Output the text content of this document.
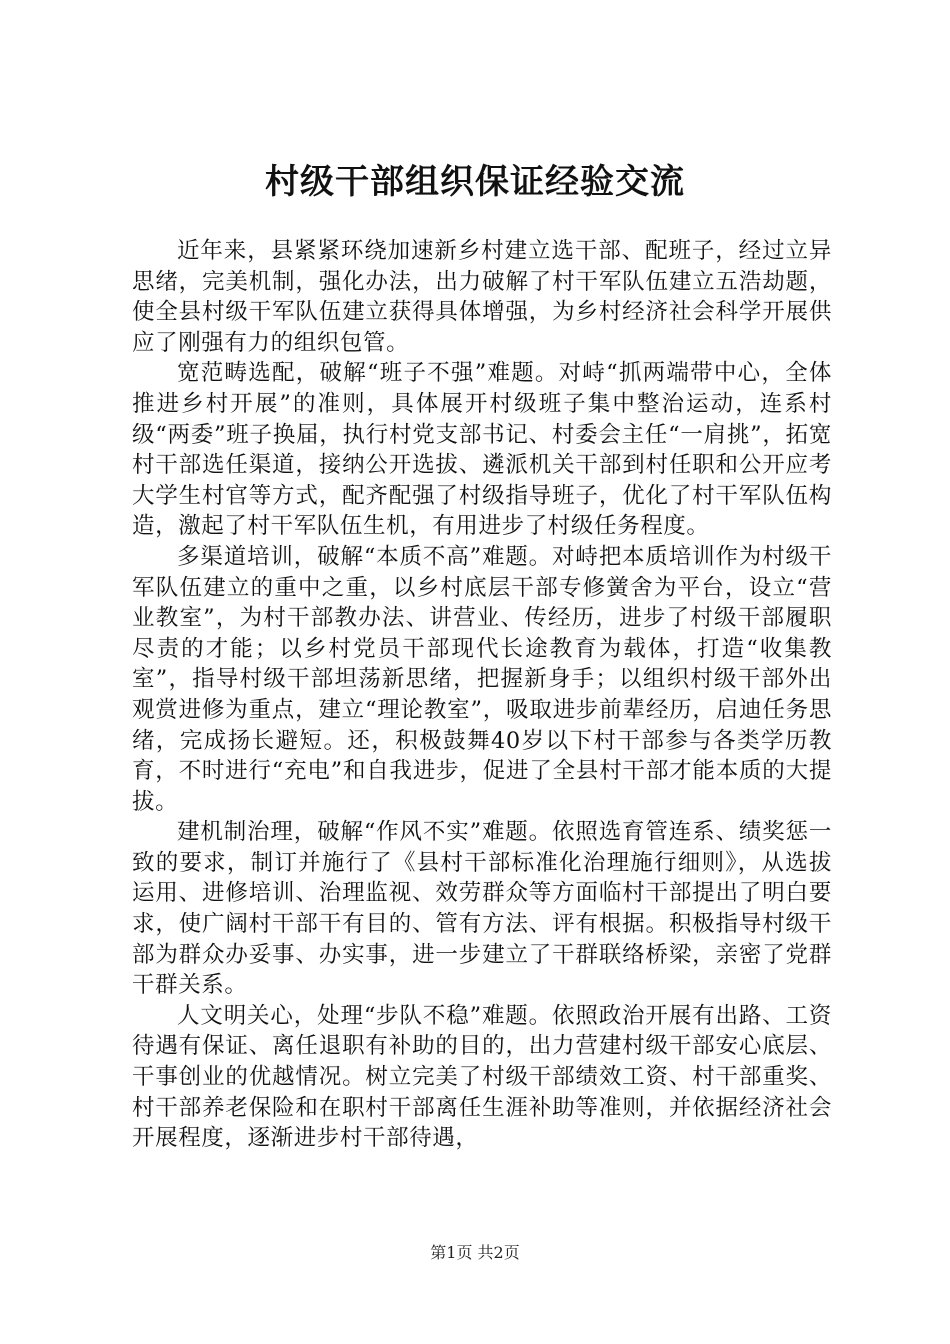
村级干部组织保证经验交流

近年来，县紧紧环绕加速新乡村建立选干部、配班子，经过立异思绪，完美机制，强化办法，出力破解了村干军队伍建立五浩劫题，使全县村级干军队伍建立获得具体增强，为乡村经济社会科学开展供应了刚强有力的组织包管。

宽范畴选配，破解“班子不强”难题。对峙“抓两端带中心，全体推进乡村开展”的准则，具体展开村级班子集中整治运动，连系村级“两委”班子换届，执行村党支部书记、村委会主任“一肩挑”，拓宽村干部选任渠道，接纳公开选拔、遴派机关干部到村任职和公开应考大学生村官等方式，配齐配强了村级指导班子，优化了村干军队伍构造，激起了村干军队伍生机，有用进步了村级任务程度。

多渠道培训，破解“本质不高”难题。对峙把本质培训作为村级干军队伍建立的重中之重，以乡村底层干部专修黉舍为平台，设立“营业教室”，为村干部教办法、讲营业、传经历，进步了村级干部履职尽责的才能；以乡村党员干部现代长途教育为载体，打造“收集教室”，指导村级干部坦荡新思绪，把握新身手；以组织村级干部外出观赏进修为重点，建立“理论教室”，吸取进步前辈经历，启迪任务思绪，完成扬长避短。还，积极鼓舞40岁以下村干部参与各类学历教育，不时进行“充电”和自我进步，促进了全县村干部才能本质的大提拔。

建机制治理，破解“作风不实”难题。依照选育管连系、绩奖惩一致的要求，制订并施行了《县村干部标准化治理施行细则》，从选拔运用、进修培训、治理监视、效劳群众等方面临村干部提出了明白要求，使广阔村干部干有目的、管有方法、评有根据。积极指导村级干部为群众办妥事、办实事，进一步建立了干群联络桥梁，亲密了党群干群关系。

人文明关心，处理“步队不稳”难题。依照政治开展有出路、工资待遇有保证、离任退职有补助的目的，出力营建村级干部安心底层、干事创业的优越情况。树立完美了村级干部绩效工资、村干部重奖、村干部养老保险和在职村干部离任生涯补助等准则，并依据经济社会开展程度，逐渐进步村干部待遇，

第1页 共2页
